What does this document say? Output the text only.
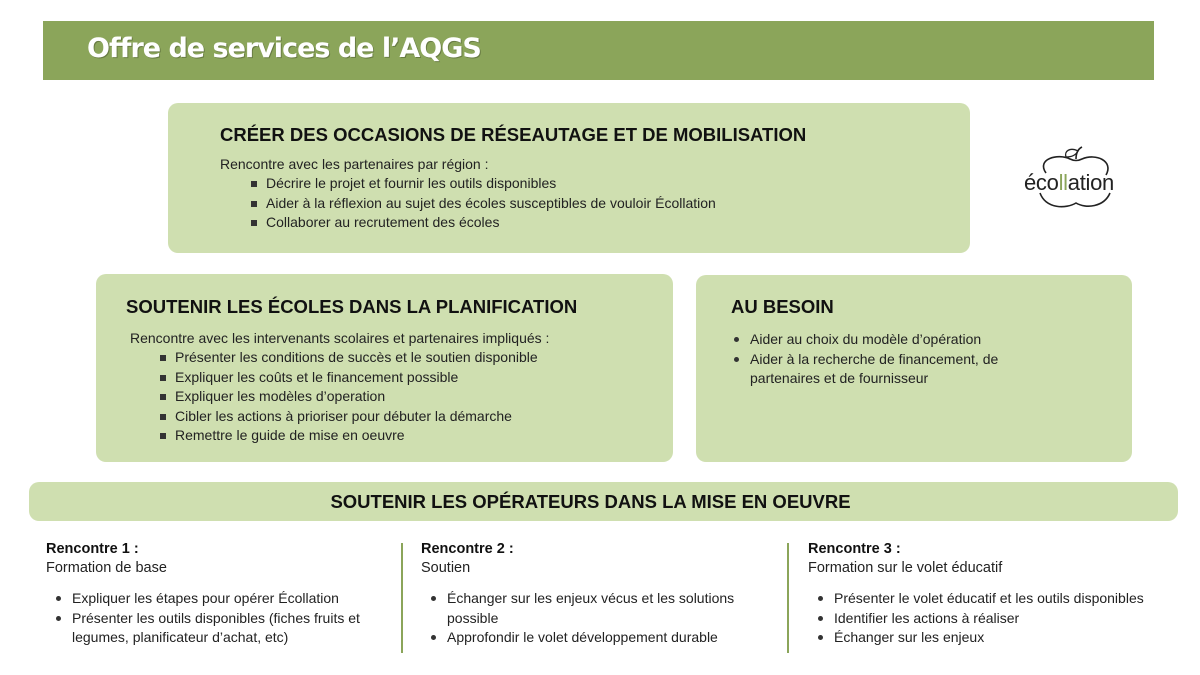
Offre de services de l’AQGS
CRÉER DES OCCASIONS DE RÉSEAUTAGE ET DE MOBILISATION
Rencontre avec les partenaires par région :
Décrire le projet et fournir les outils disponibles
Aider à la réflexion au sujet des écoles susceptibles de vouloir Écollation
Collaborer au recrutement des écoles
écollation
SOUTENIR LES ÉCOLES DANS LA PLANIFICATION
Rencontre avec les intervenants scolaires et partenaires impliqués :
Présenter les conditions de succès et le soutien disponible
Expliquer les coûts et le financement possible
Expliquer les modèles d’operation
Cibler les actions à prioriser pour débuter la démarche
Remettre le guide de mise en oeuvre
AU BESOIN
Aider au choix du modèle d’opération
Aider à la recherche de financement, de partenaires et de fournisseur
SOUTENIR LES OPÉRATEURS DANS LA MISE EN OEUVRE
Rencontre 1 :
Formation de base
Expliquer les étapes pour opérer Écollation
Présenter les outils disponibles (fiches fruits et legumes, planificateur d’achat, etc)
Rencontre 2 :
Soutien
Échanger sur les enjeux vécus et les solutions possible
Approfondir le volet développement durable
Rencontre 3 :
Formation sur le volet éducatif
Présenter le volet éducatif et les outils disponibles
Identifier les actions à réaliser
Échanger sur les enjeux
